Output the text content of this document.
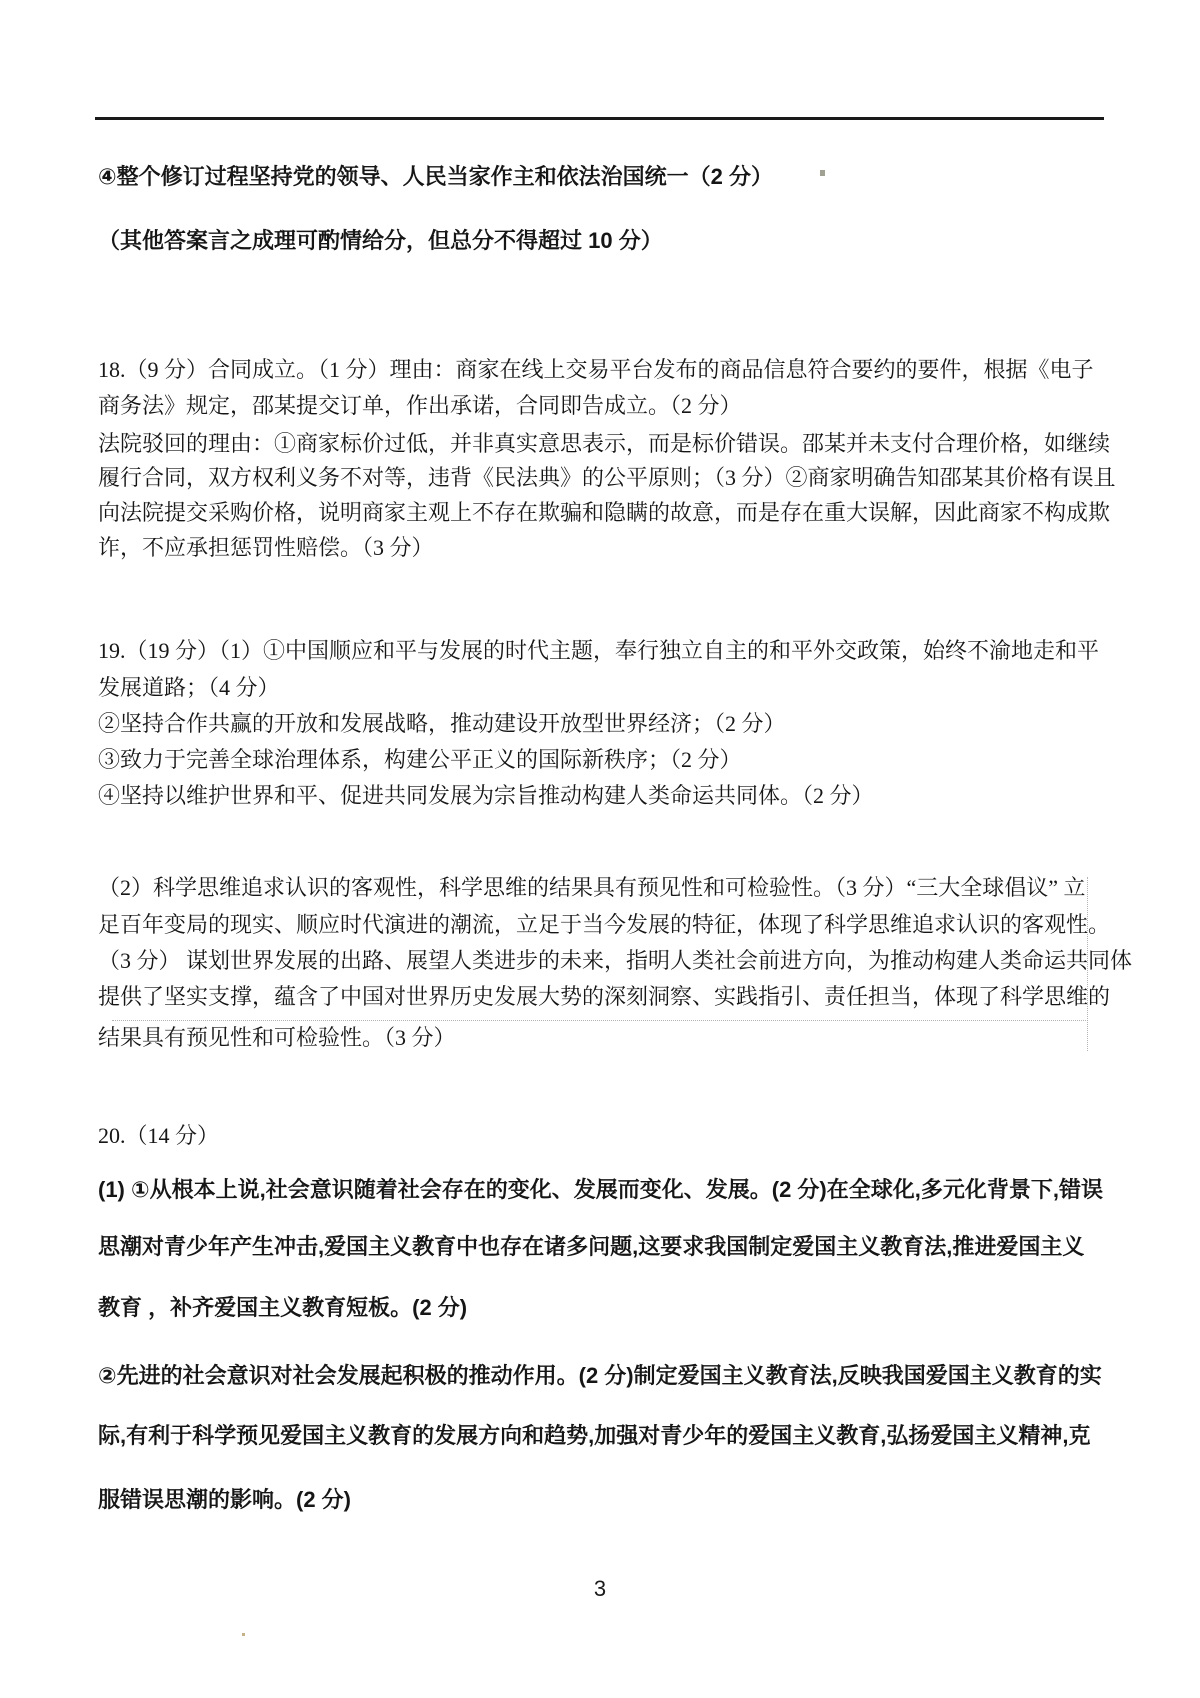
④整个修订过程坚持党的领导、人民当家作主和依法治国统一（2 分）
（其他答案言之成理可酌情给分，但总分不得超过 10 分）
18.（9 分）合同成立。（1 分）理由：商家在线上交易平台发布的商品信息符合要约的要件，根据《电子
商务法》规定，邵某提交订单，作出承诺，合同即告成立。（2 分）
法院驳回的理由：①商家标价过低，并非真实意思表示，而是标价错误。邵某并未支付合理价格，如继续
履行合同，双方权利义务不对等，违背《民法典》的公平原则；（3 分）②商家明确告知邵某其价格有误且
向法院提交采购价格，说明商家主观上不存在欺骗和隐瞒的故意，而是存在重大误解，因此商家不构成欺
诈，不应承担惩罚性赔偿。（3 分）
19.（19 分）（1）①中国顺应和平与发展的时代主题，奉行独立自主的和平外交政策，始终不渝地走和平
发展道路；（4 分）
②坚持合作共赢的开放和发展战略，推动建设开放型世界经济；（2 分）
③致力于完善全球治理体系，构建公平正义的国际新秩序；（2 分）
④坚持以维护世界和平、促进共同发展为宗旨推动构建人类命运共同体。（2 分）
（2）科学思维追求认识的客观性，科学思维的结果具有预见性和可检验性。（3 分）“三大全球倡议” 立
足百年变局的现实、顺应时代演进的潮流，立足于当今发展的特征，体现了科学思维追求认识的客观性。
（3 分） 谋划世界发展的出路、展望人类进步的未来，指明人类社会前进方向，为推动构建人类命运共同体
提供了坚实支撑，蕴含了中国对世界历史发展大势的深刻洞察、实践指引、责任担当，体现了科学思维的
结果具有预见性和可检验性。（3 分）
20.（14 分）
(1) ①从根本上说,社会意识随着社会存在的变化、发展而变化、发展。(2 分)在全球化,多元化背景下,错误
思潮对青少年产生冲击,爱国主义教育中也存在诸多问题,这要求我国制定爱国主义教育法,推进爱国主义
教育 ，补齐爱国主义教育短板。(2 分)
②先进的社会意识对社会发展起积极的推动作用。(2 分)制定爱国主义教育法,反映我国爱国主义教育的实
际,有利于科学预见爱国主义教育的发展方向和趋势,加强对青少年的爱国主义教育,弘扬爱国主义精神,克
服错误思潮的影响。(2 分)
3
